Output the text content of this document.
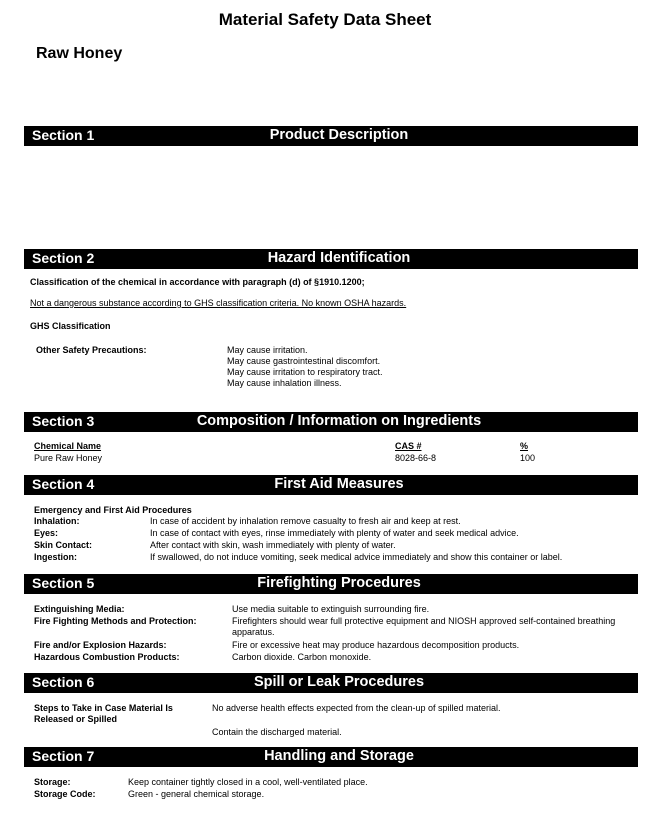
Material Safety Data Sheet
Raw Honey
Section 1	Product Description
Section 2	Hazard Identification
Classification of the chemical in accordance with paragraph (d) of §1910.1200;
Not a dangerous substance according to GHS classification criteria. No known OSHA hazards.
GHS Classification
Other Safety Precautions:	May cause irritation.
May cause gastrointestinal discomfort.
May cause irritation to respiratory tract.
May cause inhalation illness.
Section 3	Composition / Information on Ingredients
Chemical Name	CAS #	%
Pure Raw Honey	8028-66-8	100
Section 4	First Aid Measures
Emergency and First Aid Procedures
Inhalation:	In case of accident by inhalation remove casualty to fresh air and keep at rest.
Eyes:	In case of contact with eyes, rinse immediately with plenty of water and seek medical advice.
Skin Contact:	After contact with skin, wash immediately with plenty of water.
Ingestion:	If swallowed, do not induce vomiting, seek medical advice immediately and show this container or label.
Section 5	Firefighting Procedures
Extinguishing Media:	Use media suitable to extinguish surrounding fire.
Fire Fighting Methods and Protection:	Firefighters should wear full protective equipment and NIOSH approved self-contained breathing apparatus.
Fire and/or Explosion Hazards:	Fire or excessive heat may produce hazardous decomposition products.
Hazardous Combustion Products:	Carbon dioxide. Carbon monoxide.
Section 6	Spill or Leak Procedures
Steps to Take in Case Material Is Released or Spilled
No adverse health effects expected from the clean-up of spilled material.
Contain the discharged material.
Section 7	Handling and Storage
Storage:	Keep container tightly closed in a cool, well-ventilated place.
Storage Code:	Green - general chemical storage.
